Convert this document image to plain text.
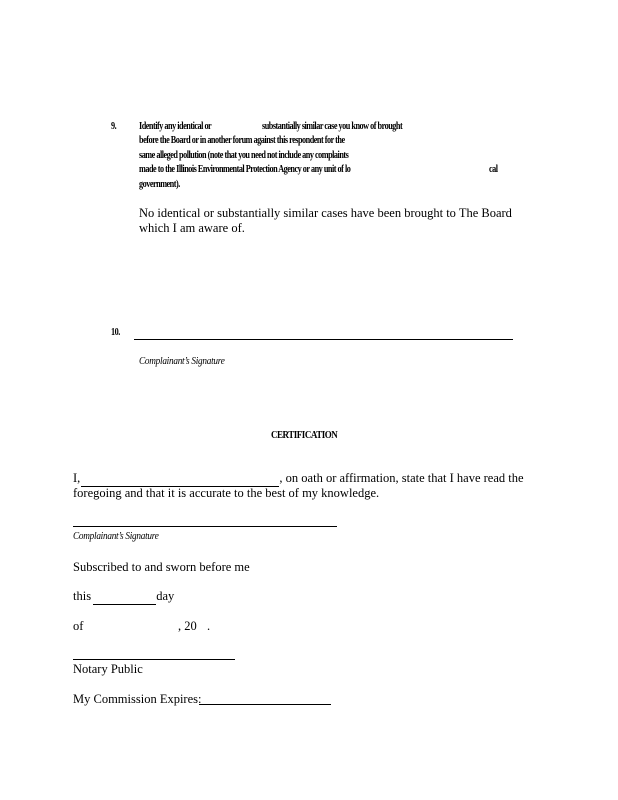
9. Identify any identical or	substantially similar case you know of brought
before the Board or in another forum against this respondent for the
same alleged pollution (note that you need not include any complaints
made to the Illinois Environmental Protection Agency or any unit of lo	cal
government).
No identical or substantially similar cases have been brought to The Board
which I am aware of.
10.
Complainant’s Signature
CERTIFICATION
I,	, on oath or affirmation, state that I have read the
foregoing and that it is accurate to the best of my knowledge.
Complainant’s Signature
Subscribed to and sworn before me
this	day
of	, 20 .
Notary Public
My Commission Expires:
